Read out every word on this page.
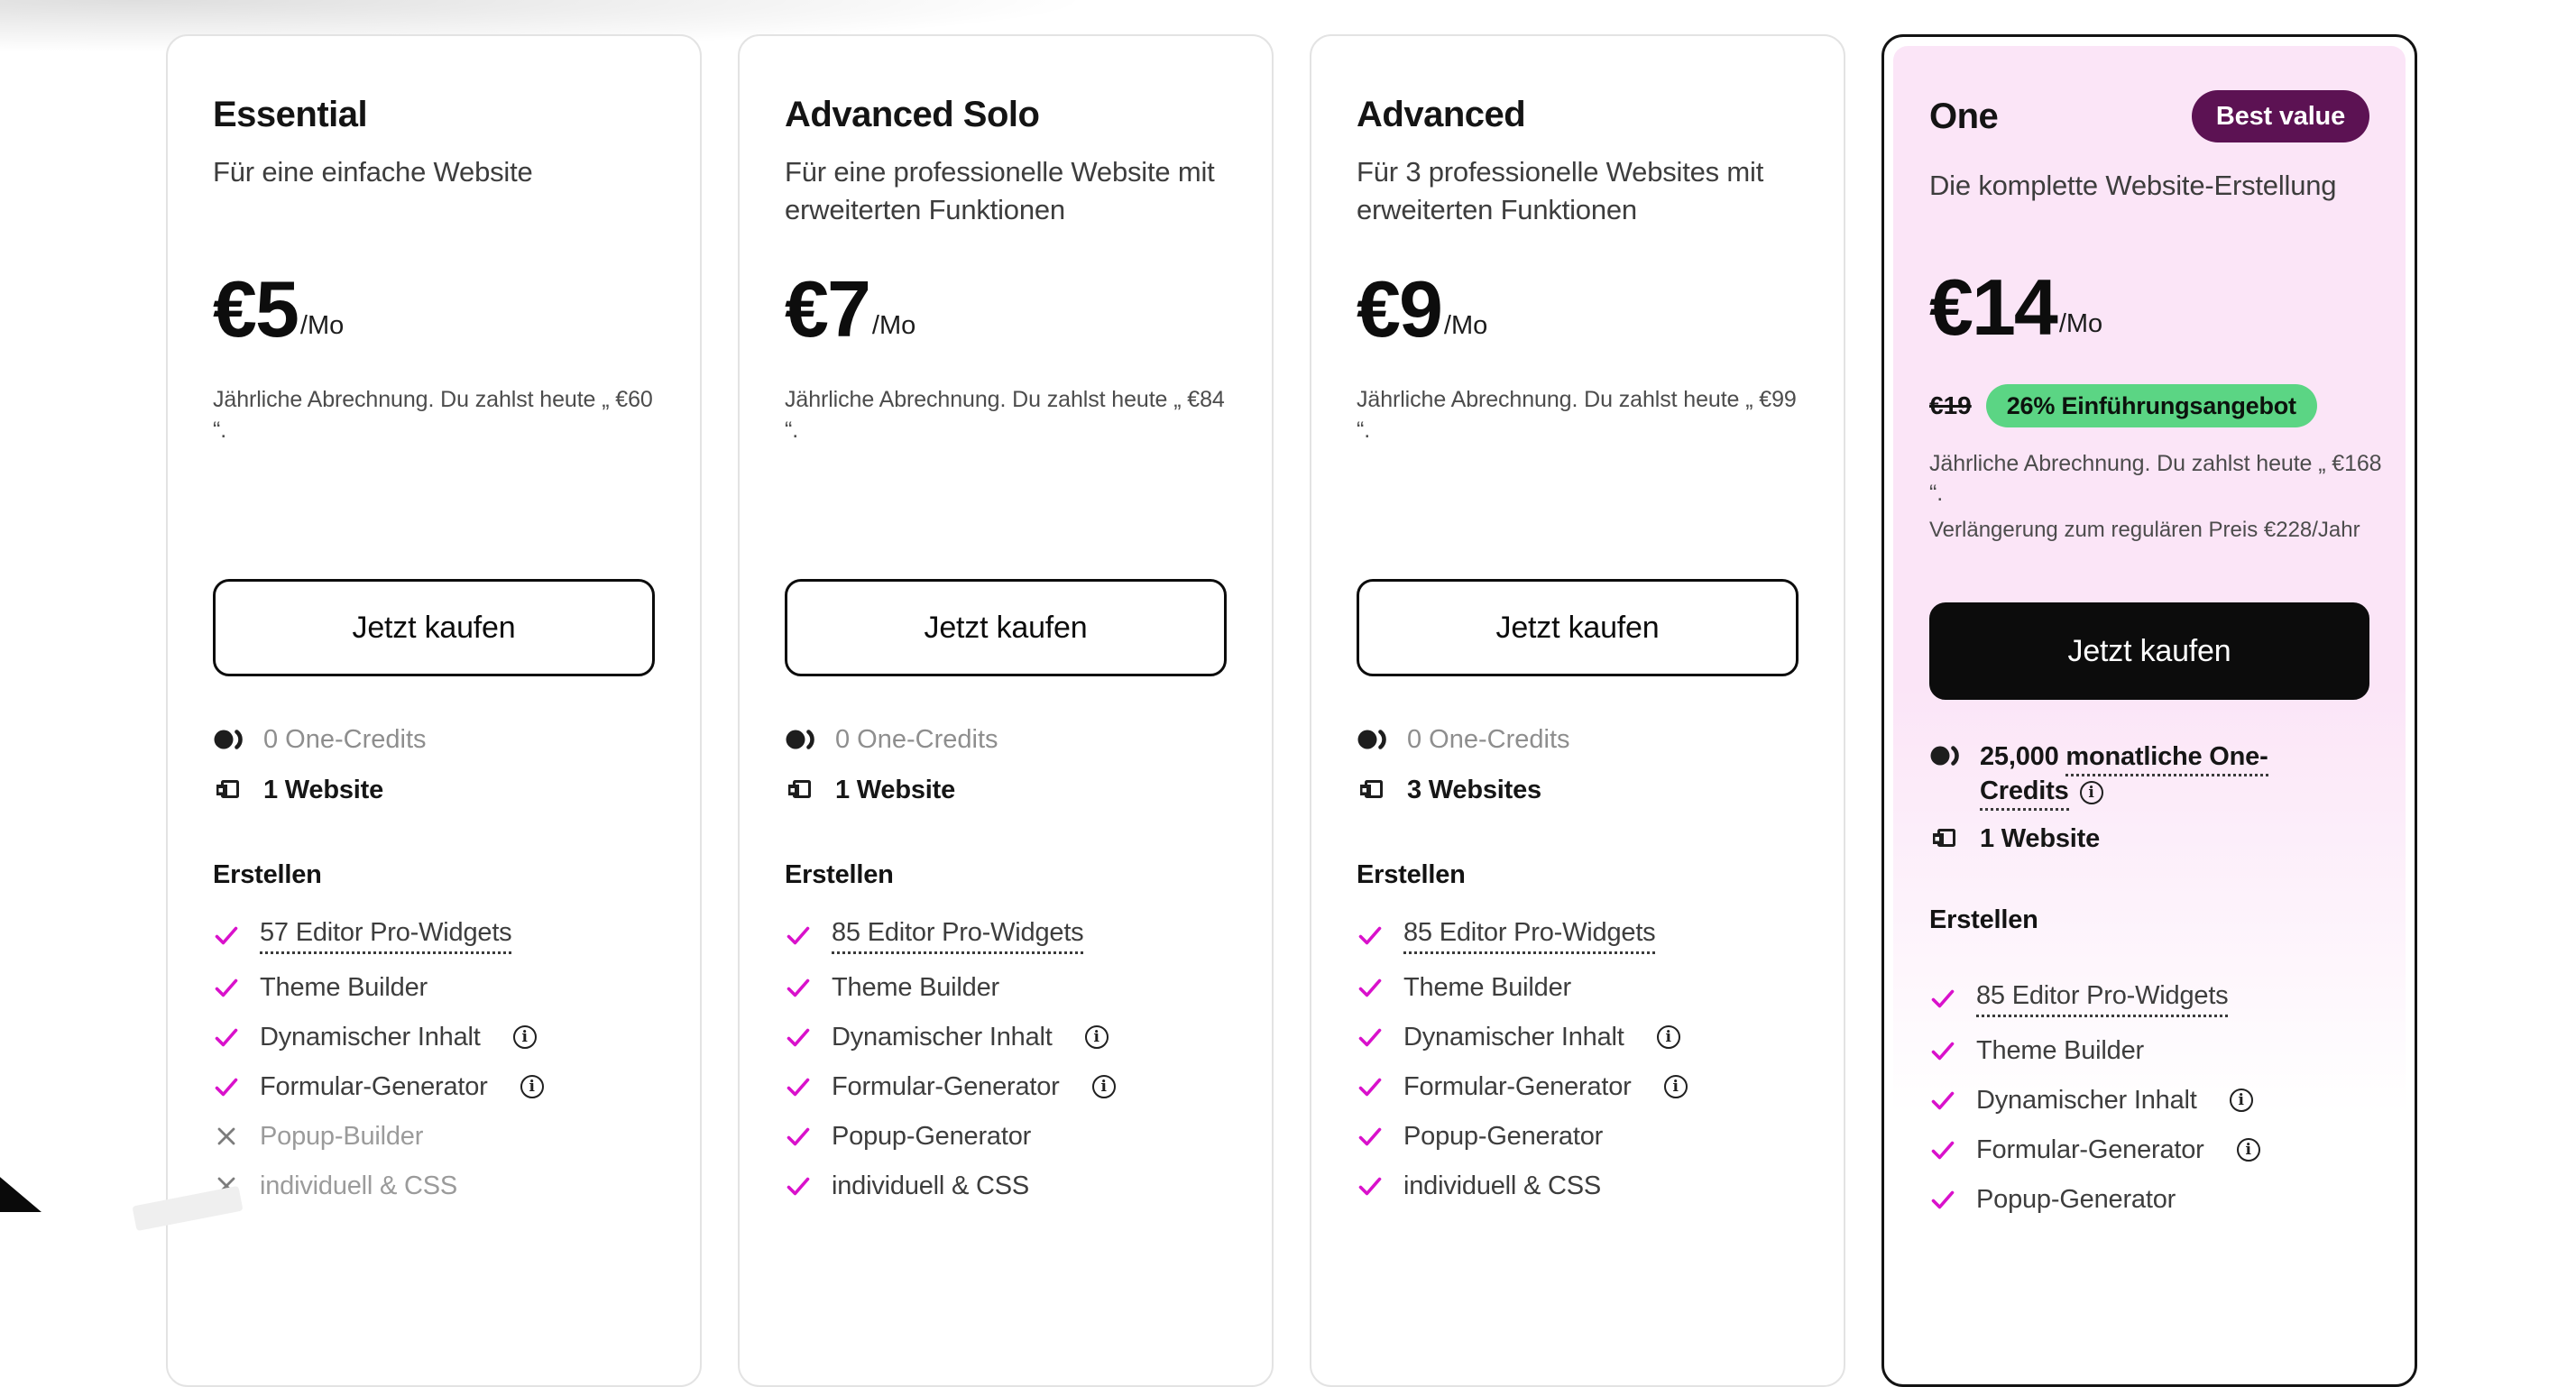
Essential

Für eine einfache Website

€5 /Mo
Jährliche Abrechnung. Du zahlst heute „ €60
“.
Jetzt kaufen
0 One-Credits
1 Website
Erstellen
57 Editor Pro-Widgets
Theme Builder
Dynamischer Inhalt	i
Formular-Generator	i
Popup-Builder
individuell & CSS
Advanced Solo

Für eine professionelle Website mit erweiterten Funktionen

€7 /Mo
Jährliche Abrechnung. Du zahlst heute „ €84
“.
Jetzt kaufen
0 One-Credits
1 Website
Erstellen
85 Editor Pro-Widgets
Theme Builder
Dynamischer Inhalt	i
Formular-Generator	i
Popup-Generator
individuell & CSS
Advanced

Für 3 professionelle Websites mit erweiterten Funktionen

€9 /Mo
Jährliche Abrechnung. Du zahlst heute „ €99
“.
Jetzt kaufen
0 One-Credits
3 Websites
Erstellen
85 Editor Pro-Widgets
Theme Builder
Dynamischer Inhalt	i
Formular-Generator	i
Popup-Generator
individuell & CSS
One	Best value

Die komplette Website-Erstellung

€14 /Mo
€19	26% Einführungsangebot
Jährliche Abrechnung. Du zahlst heute „ €168
“.
Verlängerung zum regulären Preis €228/Jahr
Jetzt kaufen
25,000 monatliche One-
Credits i
1 Website
Erstellen
85 Editor Pro-Widgets
Theme Builder
Dynamischer Inhalt	i
Formular-Generator	i
Popup-Generator
